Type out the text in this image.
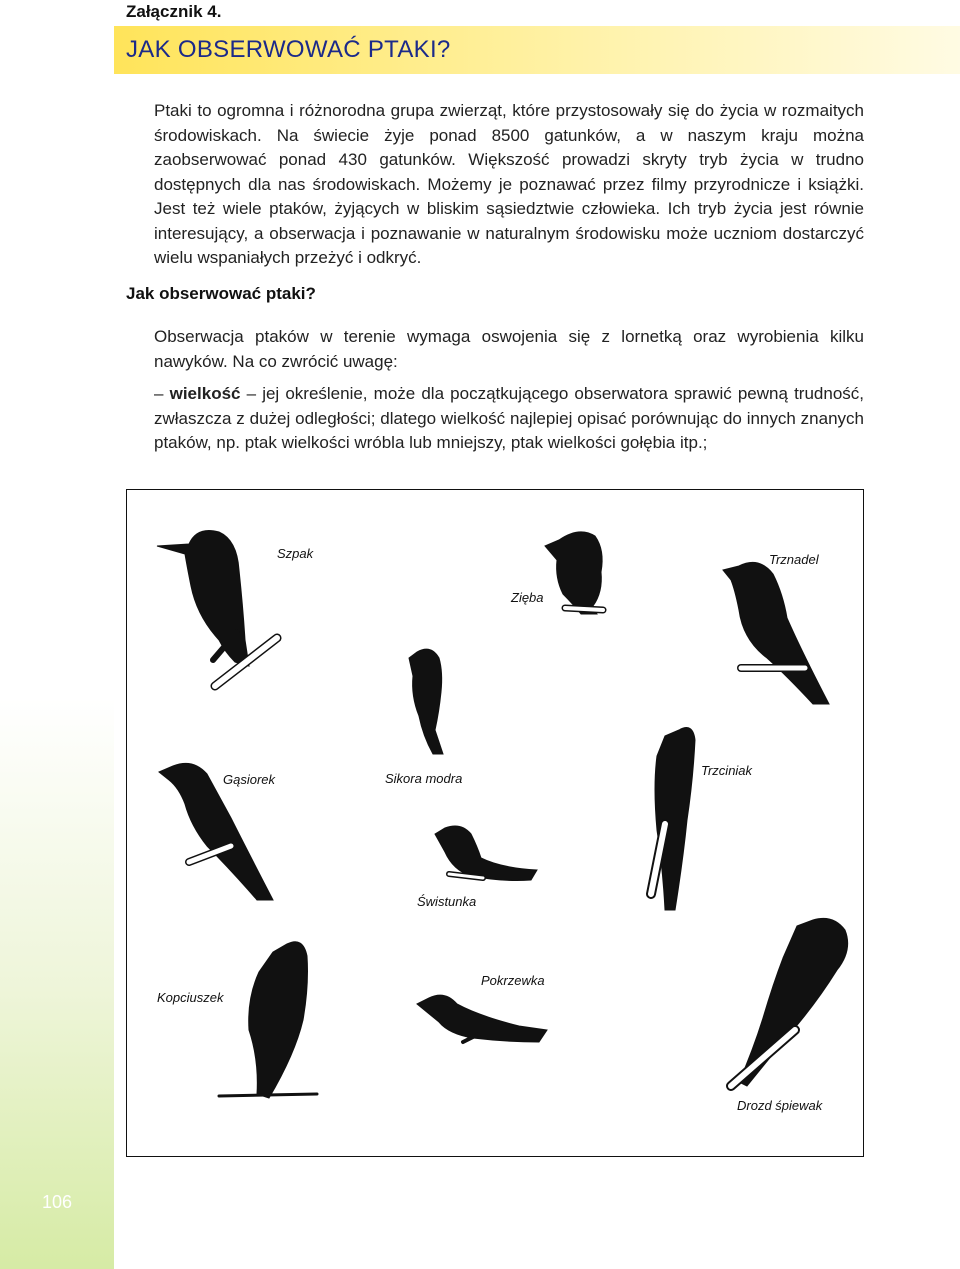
106
Załącznik 4.
JAK OBSERWOWAĆ PTAKI?

Ptaki to ogromna i różnorodna grupa zwierząt, które przystosowały się do życia w rozmaitych środowiskach. Na świecie żyje ponad 8500 gatunków, a w naszym kraju można zaobserwować ponad 430 gatunków. Większość prowadzi skryty tryb życia w trudno dostępnych dla nas środowiskach. Możemy je poznawać przez filmy przyrodnicze i książki. Jest też wiele ptaków, żyjących w bliskim sąsiedztwie człowieka. Ich tryb życia jest równie interesujący, a obserwacja i poznawanie w naturalnym środowisku może uczniom dostarczyć wielu wspaniałych przeżyć i odkryć.

Jak obserwować ptaki?

Obserwacja ptaków w terenie wymaga oswojenia się z lornetką oraz wyrobienia kilku nawyków. Na co zwrócić uwagę:

– wielkość – jej określenie, może dla początkującego obserwatora sprawić pewną trudność, zwłaszcza z dużej odległości; dlatego wielkość najlepiej opisać porównując do innych znanych ptaków, np. ptak wielkości wróbla lub mniejszy, ptak wielkości gołębia itp.;

Szpak
Zięba
Trznadel
Gąsiorek	Sikora modra
Trzciniak
Świstunka
Kopciuszek
Pokrzewka
Drozd śpiewak
